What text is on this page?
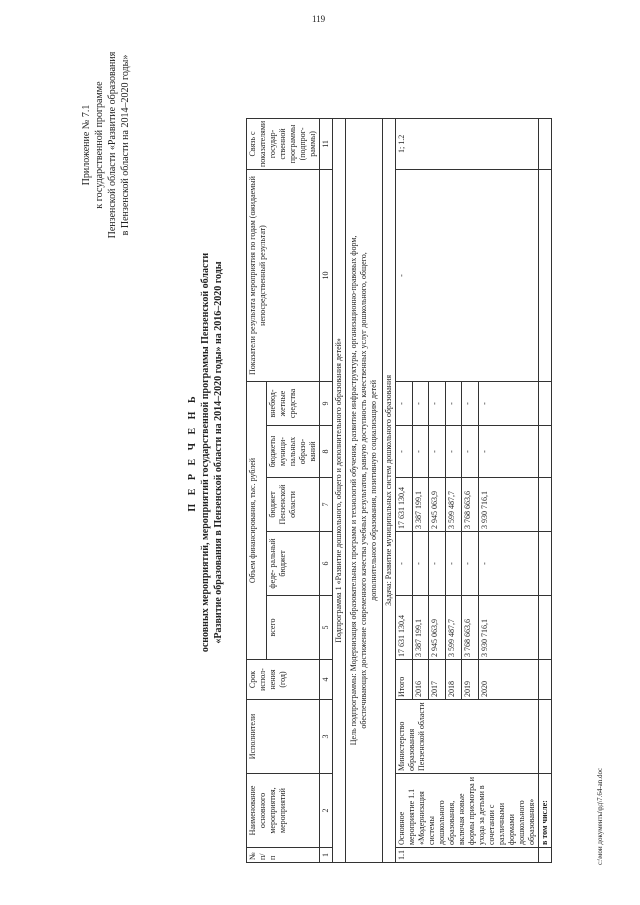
119
Приложение № 7.1 к государственной программе Пензенской области «Развитие образования в Пензенской области на 2014–2020 годы»
П Е Р Е Ч Е Н Ь основных мероприятий, мероприятий государственной программы Пензенской области «Развитие образования в Пензенской области на 2014–2020 годы» на 2016–2020 годы
№ п/п	Наименование основного мероприятия, мероприятий	Исполнители	Срок испол- нения (год)	Объем финансирования, тыс. рублей					Показатели результата мероприятия по годам (ожидаемый непосредственный результат)	Связь с показателями государ- ственной программы (подпрог- раммы)
				всего	феде- ральный бюджет	бюджет Пензенской области	бюджеты муници- пальных образо- ваний	внебюд- жетные средства		
1	2	3	4	5	6	7	8	9	10	11
Подпрограмма 1 «Развитие дошкольного, общего и дополнительного образования детей»										
Цель подпрограммы: Модернизация образовательных программ и технологий обучения, развитие инфраструктуры, организационно-правовых форм, обеспечивающих достижение современного качества учебных результатов, равную доступность качественных услуг дошкольного, общего, дополнительного образования, позитивную социализацию детей										
Задача: Развитие муниципальных систем дошкольного образования										
1.1	Основное мероприятие 1.1 «Модернизация системы дошкольного образования, включая новые формы присмотра и ухода за детьми в сочетании с различными формами дошкольного образования»	Министерство образования Пензенской области	Итого	17 631 130,4	-	17 631 130,4	-	-	-	1; 1.2
			2016	3 387 199,1	-	3 387 199,1	-	-		
			2017	2 945 063,9	-	2 945 063,9	-	-		
			2018	3 599 487,7	-	3 599 487,7	-	-		
			2019	3 768 663,6	-	3 768 663,6	-	-		
			2020	3 930 716,1	-	3 930 716,1	-	-		
	в том числе:										c:\мои документы\рд\7.64-an.doc
